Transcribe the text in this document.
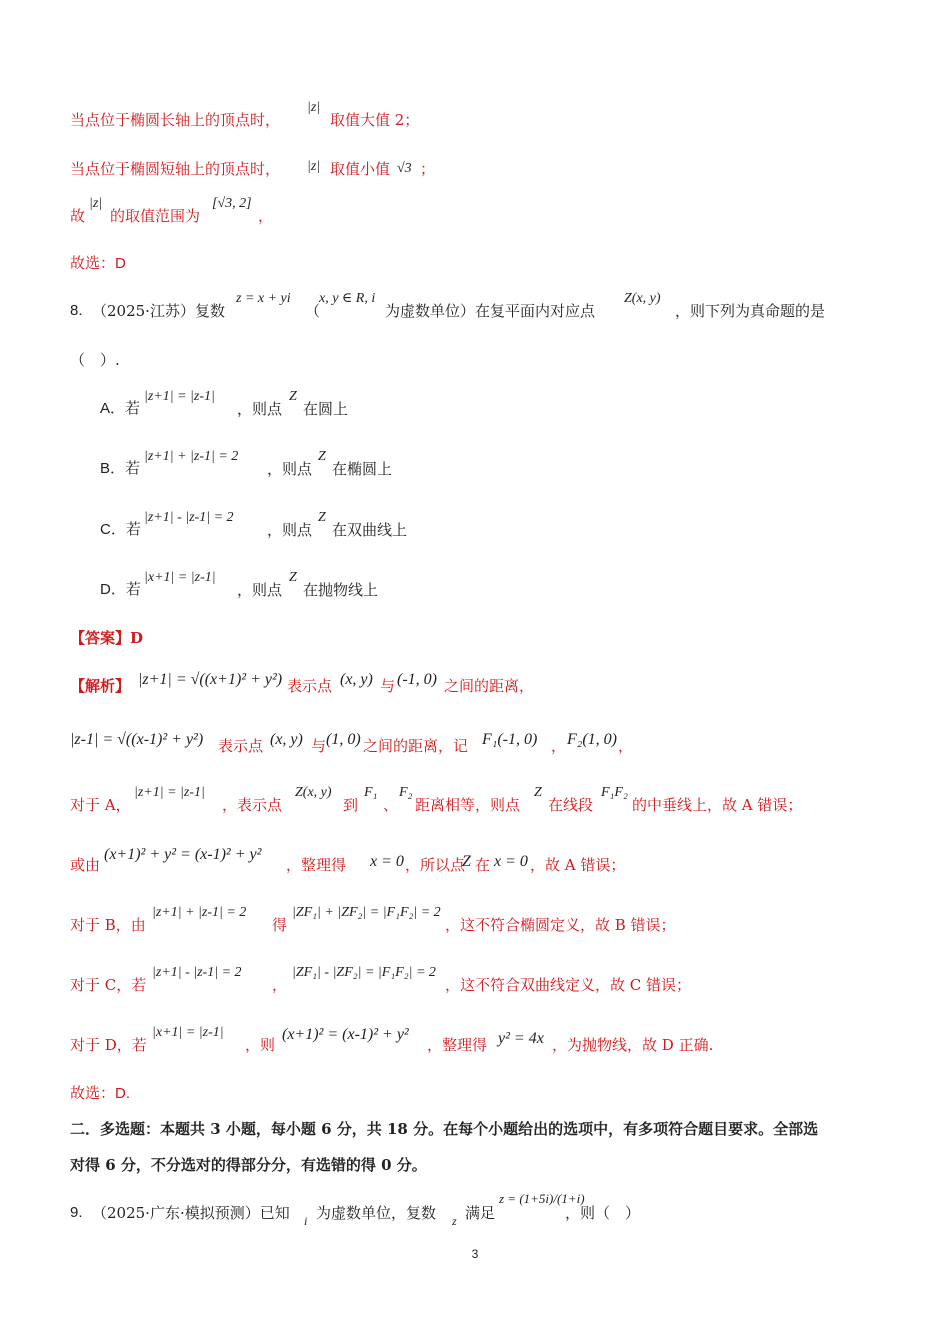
当点位于椭圆长轴上的顶点时，
|z|
取值大值 2；
当点位于椭圆短轴上的顶点时， |z| 取值小值 √3 ；
故
|z|
的取值范围为
[√3, 2]
，
故选：D
8. （2025·江苏）复数
z = x + yi
（
x, y ∈ R, i
为虚数单位）在复平面内对应点
Z(x, y)
，则下列为真命题的是
（　）.
A．若
|z+1| = |z-1|
，则点
Z
在圆上
B．若
|z+1| + |z-1| = 2
，则点
Z
在椭圆上
C．若
|z+1| - |z-1| = 2
，则点
Z
在双曲线上
D．若
|x+1| = |z-1|
，则点
Z
在抛物线上
【答案】D
【解析】 |z+1| = √((x+1)² + y²) 表示点 (x, y) 与 (-1, 0) 之间的距离，
|z-1| = √((x-1)² + y²) 表示点 (x, y) 与 (1, 0) 之间的距离，记 F₁(-1, 0) ， F₂(1, 0) ，
对于 A，
|z+1| = |z-1|
，表示点
Z(x, y)
到
F₁
、
F₂
距离相等，则点
Z
在线段
F₁F₂
的中垂线上，故 A 错误；
或由
(x+1)² + y² = (x-1)² + y²
，整理得 x = 0 ，所以点
Z 在 x = 0 ，故 A 错误；
对于 B，由
|z+1| + |z-1| = 2
得
|ZF₁| + |ZF₂| = |F₁F₂| = 2
，这不符合椭圆定义，故 B 错误；
对于 C，若
|z+1| - |z-1| = 2
，
|ZF₁| - |ZF₂| = |F₁F₂| = 2
，这不符合双曲线定义，故 C 错误；
对于 D，若
|x+1| = |z-1|
，则
(x+1)² = (x-1)² + y²
，整理得 y² = 4x ，为抛物线，故 D 正确.
故选：D.
二．多选题：本题共 3 小题，每小题 6 分，共 18 分。在每个小题给出的选项中，有多项符合题目要求。全部选
对得 6 分，不分选对的得部分分，有选错的得 0 分。
9. （2025·广东·模拟预测）已知 i 为虚数单位，复数 z 满足
z = (1+5i)/(1+i)
，则（　）
3
